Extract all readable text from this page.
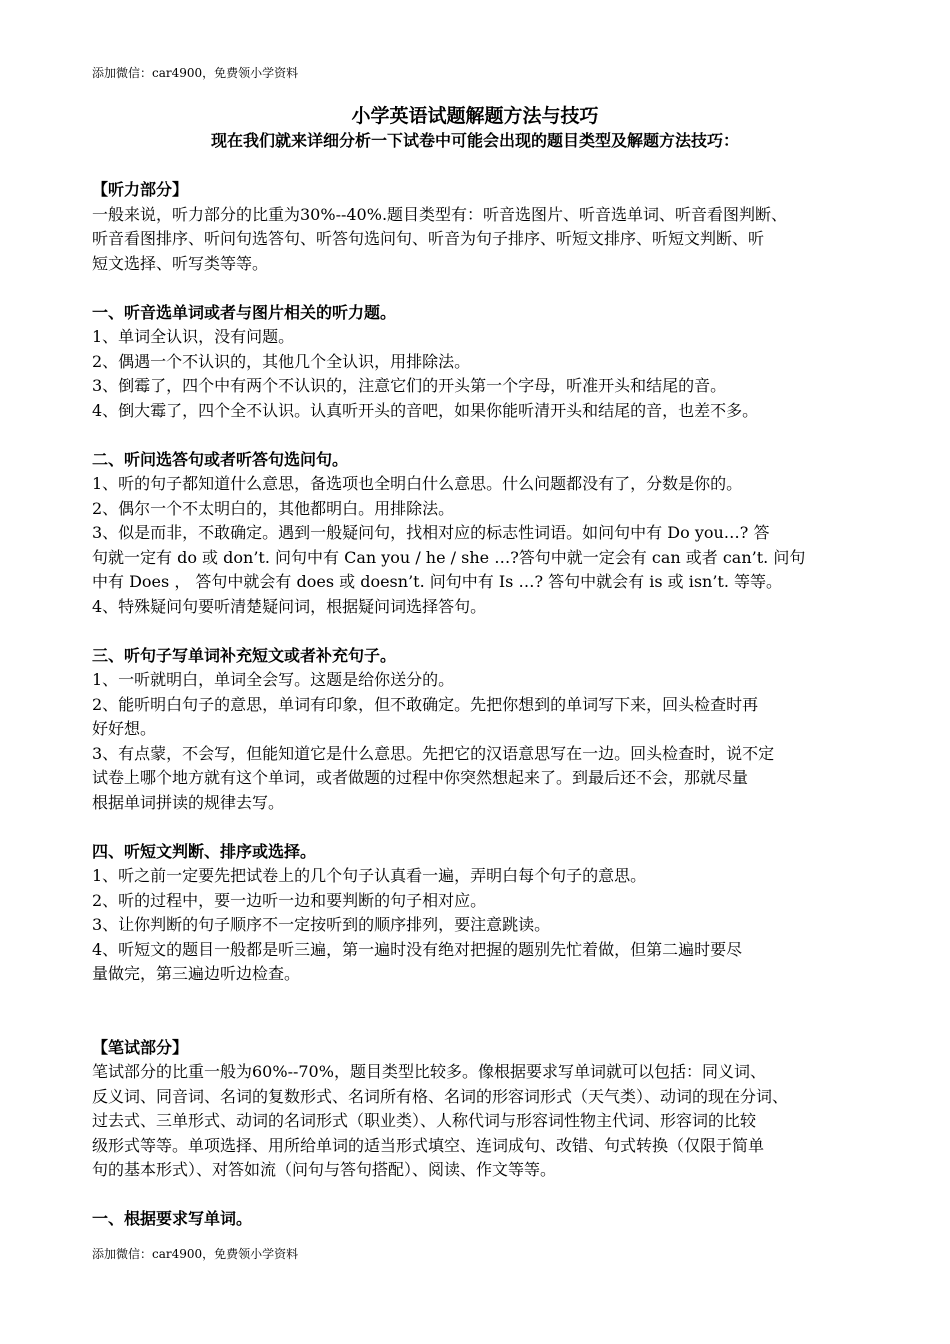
添加微信：car4900，免费领小学资料
小学英语试题解题方法与技巧
现在我们就来详细分析一下试卷中可能会出现的题目类型及解题方法技巧：
【听力部分】
一般来说，听力部分的比重为30%--40%.题目类型有：听音选图片、听音选单词、听音看图判断、
听音看图排序、听问句选答句、听答句选问句、听音为句子排序、听短文排序、听短文判断、听
短文选择、听写类等等。
一、听音选单词或者与图片相关的听力题。
1、单词全认识，没有问题。
2、偶遇一个不认识的，其他几个全认识，用排除法。
3、倒霉了，四个中有两个不认识的，注意它们的开头第一个字母，听准开头和结尾的音。
4、倒大霉了，四个全不认识。认真听开头的音吧，如果你能听清开头和结尾的音，也差不多。
二、听问选答句或者听答句选问句。
1、听的句子都知道什么意思，备选项也全明白什么意思。什么问题都没有了，分数是你的。
2、偶尔一个不太明白的，其他都明白。用排除法。
3、似是而非，不敢确定。遇到一般疑问句，找相对应的标志性词语。如问句中有 Do you…? 答
句就一定有 do 或 don’t. 问句中有 Can you / he / she …?答句中就一定会有 can 或者 can’t. 问句
中有 Does ， 答句中就会有 does 或 doesn’t. 问句中有 Is …? 答句中就会有 is 或 isn’t. 等等。
4、特殊疑问句要听清楚疑问词，根据疑问词选择答句。
三、听句子写单词补充短文或者补充句子。
1、一听就明白，单词全会写。这题是给你送分的。
2、能听明白句子的意思，单词有印象，但不敢确定。先把你想到的单词写下来，回头检查时再
好好想。
3、有点蒙，不会写，但能知道它是什么意思。先把它的汉语意思写在一边。回头检查时，说不定
试卷上哪个地方就有这个单词，或者做题的过程中你突然想起来了。到最后还不会，那就尽量
根据单词拼读的规律去写。
四、听短文判断、排序或选择。
1、听之前一定要先把试卷上的几个句子认真看一遍，弄明白每个句子的意思。
2、听的过程中，要一边听一边和要判断的句子相对应。
3、让你判断的句子顺序不一定按听到的顺序排列，要注意跳读。
4、听短文的题目一般都是听三遍，第一遍时没有绝对把握的题别先忙着做，但第二遍时要尽
量做完，第三遍边听边检查。
【笔试部分】
笔试部分的比重一般为60%--70%，题目类型比较多。像根据要求写单词就可以包括：同义词、
反义词、同音词、名词的复数形式、名词所有格、名词的形容词形式（天气类）、动词的现在分词、
过去式、三单形式、动词的名词形式（职业类）、人称代词与形容词性物主代词、形容词的比较
级形式等等。单项选择、用所给单词的适当形式填空、连词成句、改错、句式转换（仅限于简单
句的基本形式）、对答如流（问句与答句搭配）、阅读、作文等等。
一、根据要求写单词。
添加微信：car4900，免费领小学资料
